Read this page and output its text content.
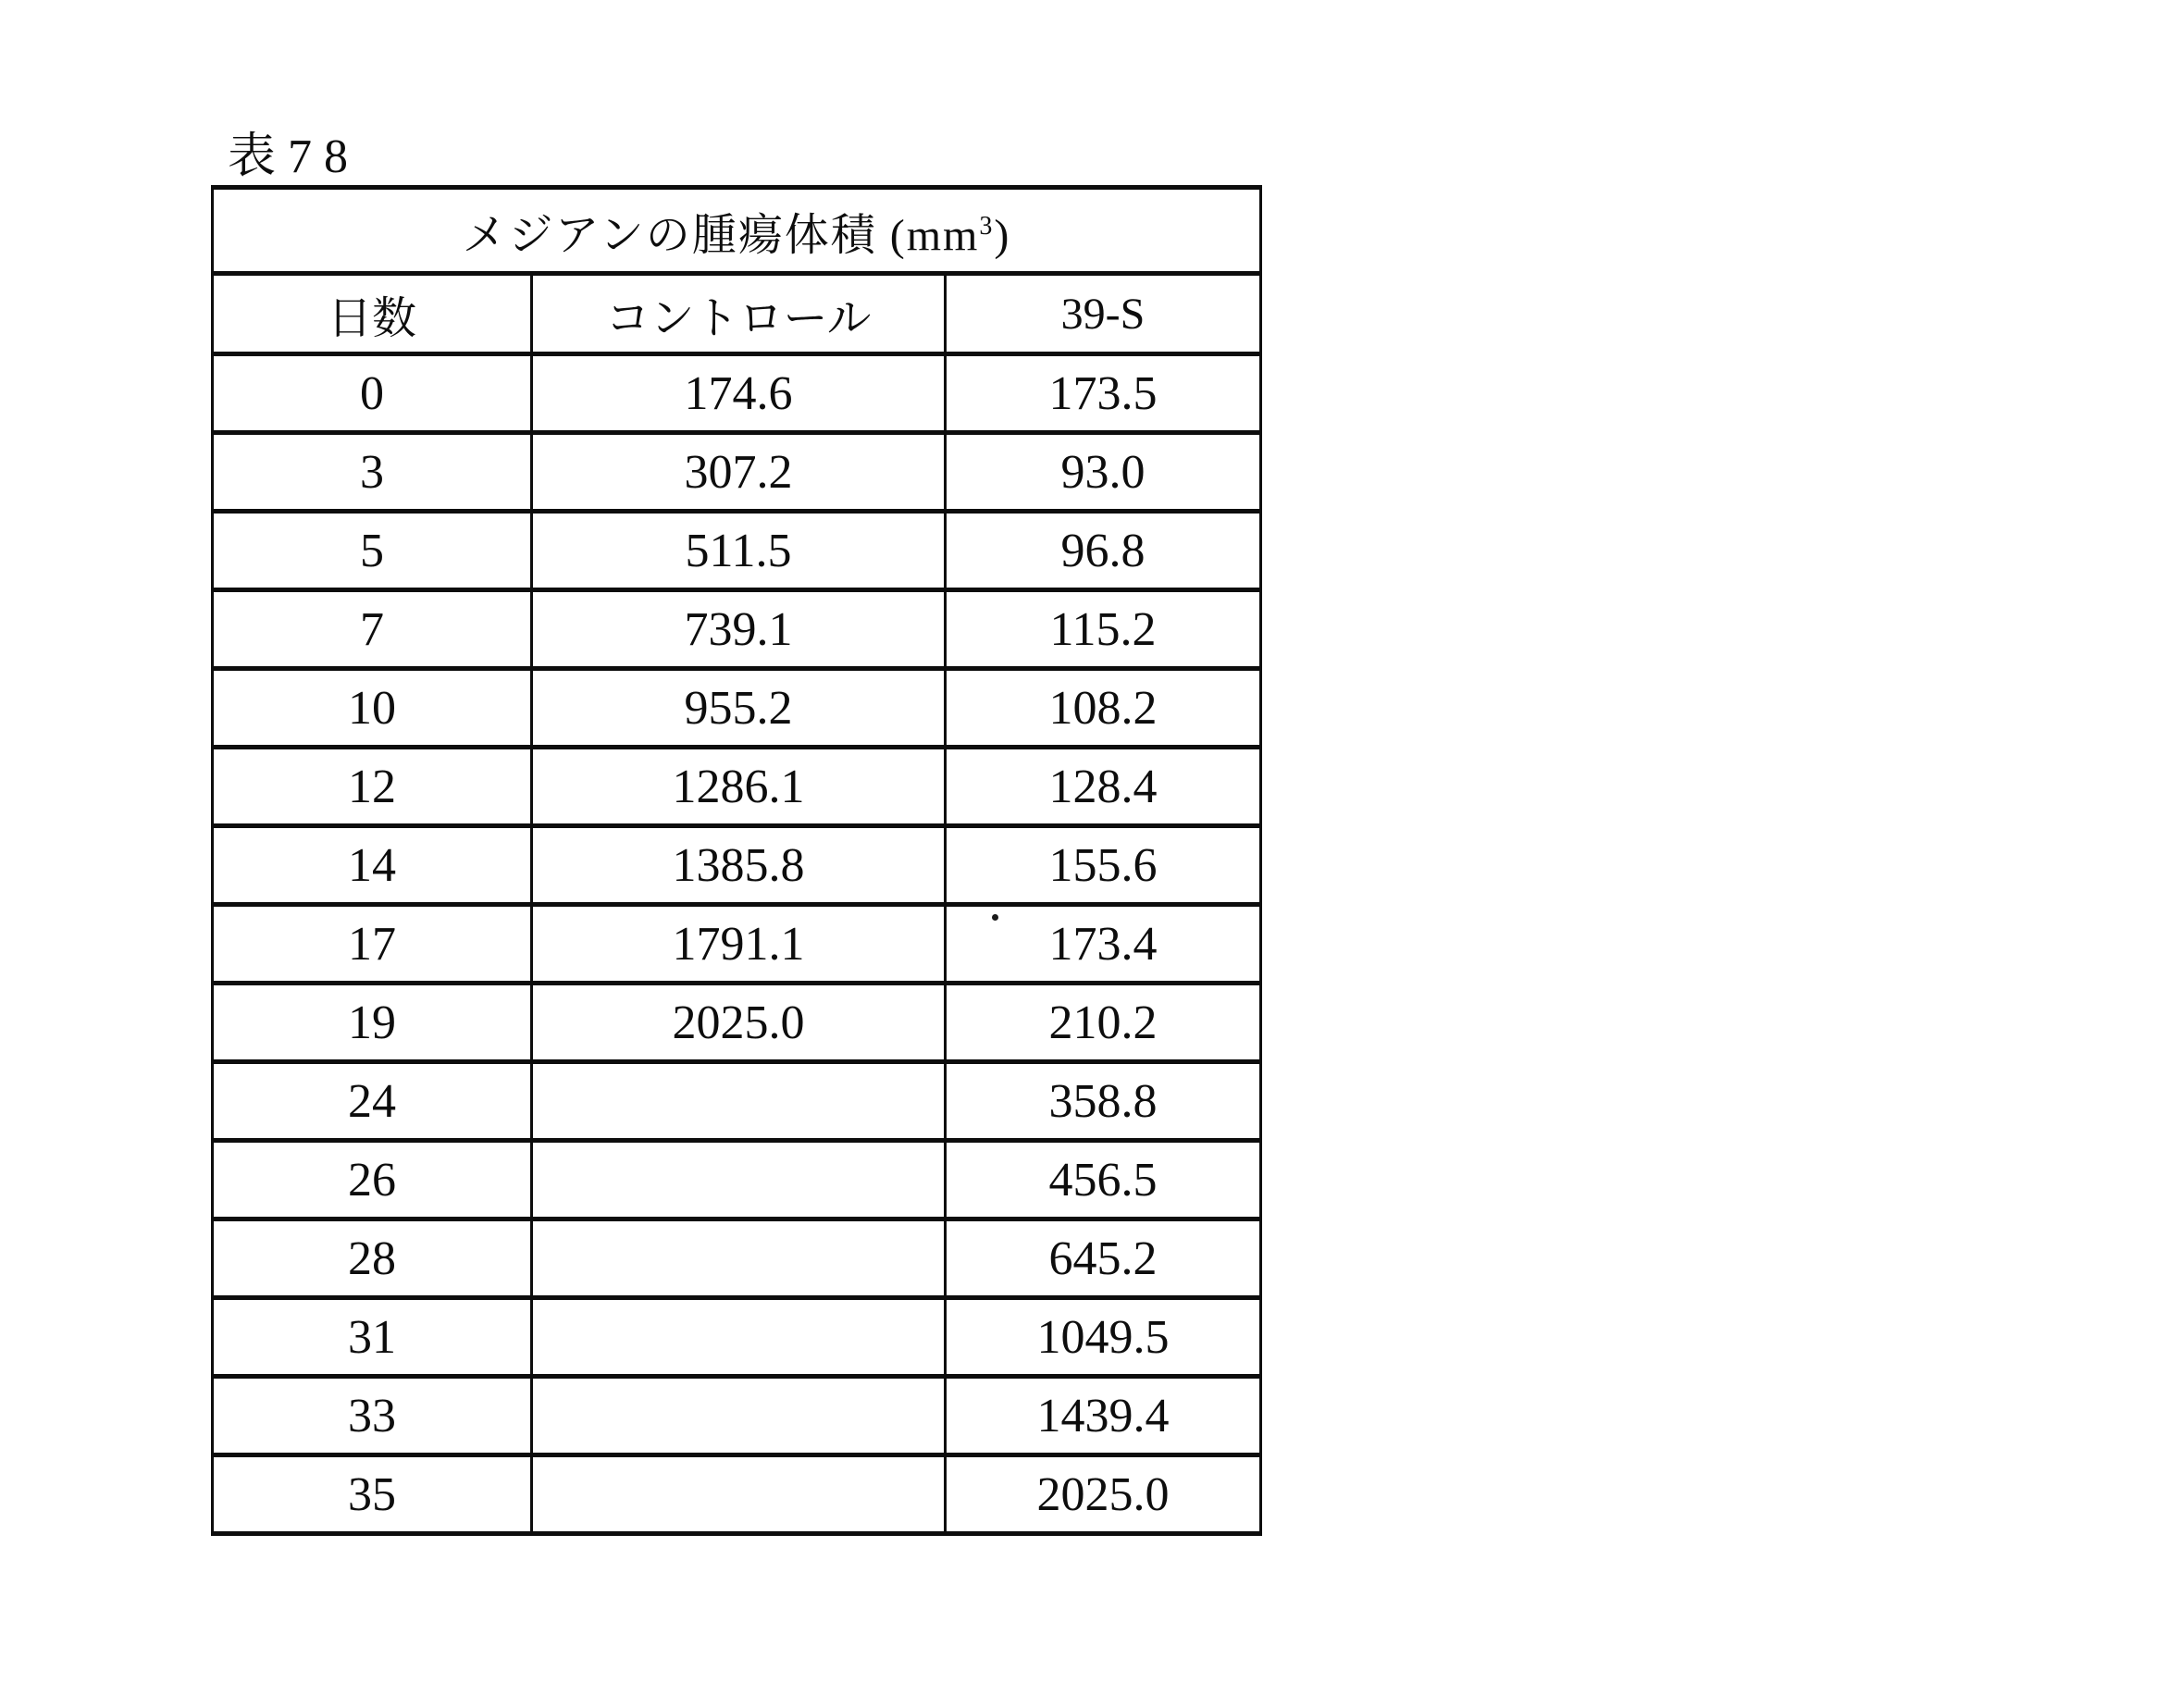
表78
メジアンの腫瘍体積 $(mm^3)$		
日数	コントロール	39-S
0	174.6	173.5
3	307.2	93.0
5	511.5	96.8
7	739.1	115.2
10	955.2	108.2
12	1286.1	128.4
14	1385.8	155.6
17	1791.1	173.4
19	2025.0	210.2
24		358.8
26		456.5
28		645.2
31		1049.5
33		1439.4
35		2025.0
